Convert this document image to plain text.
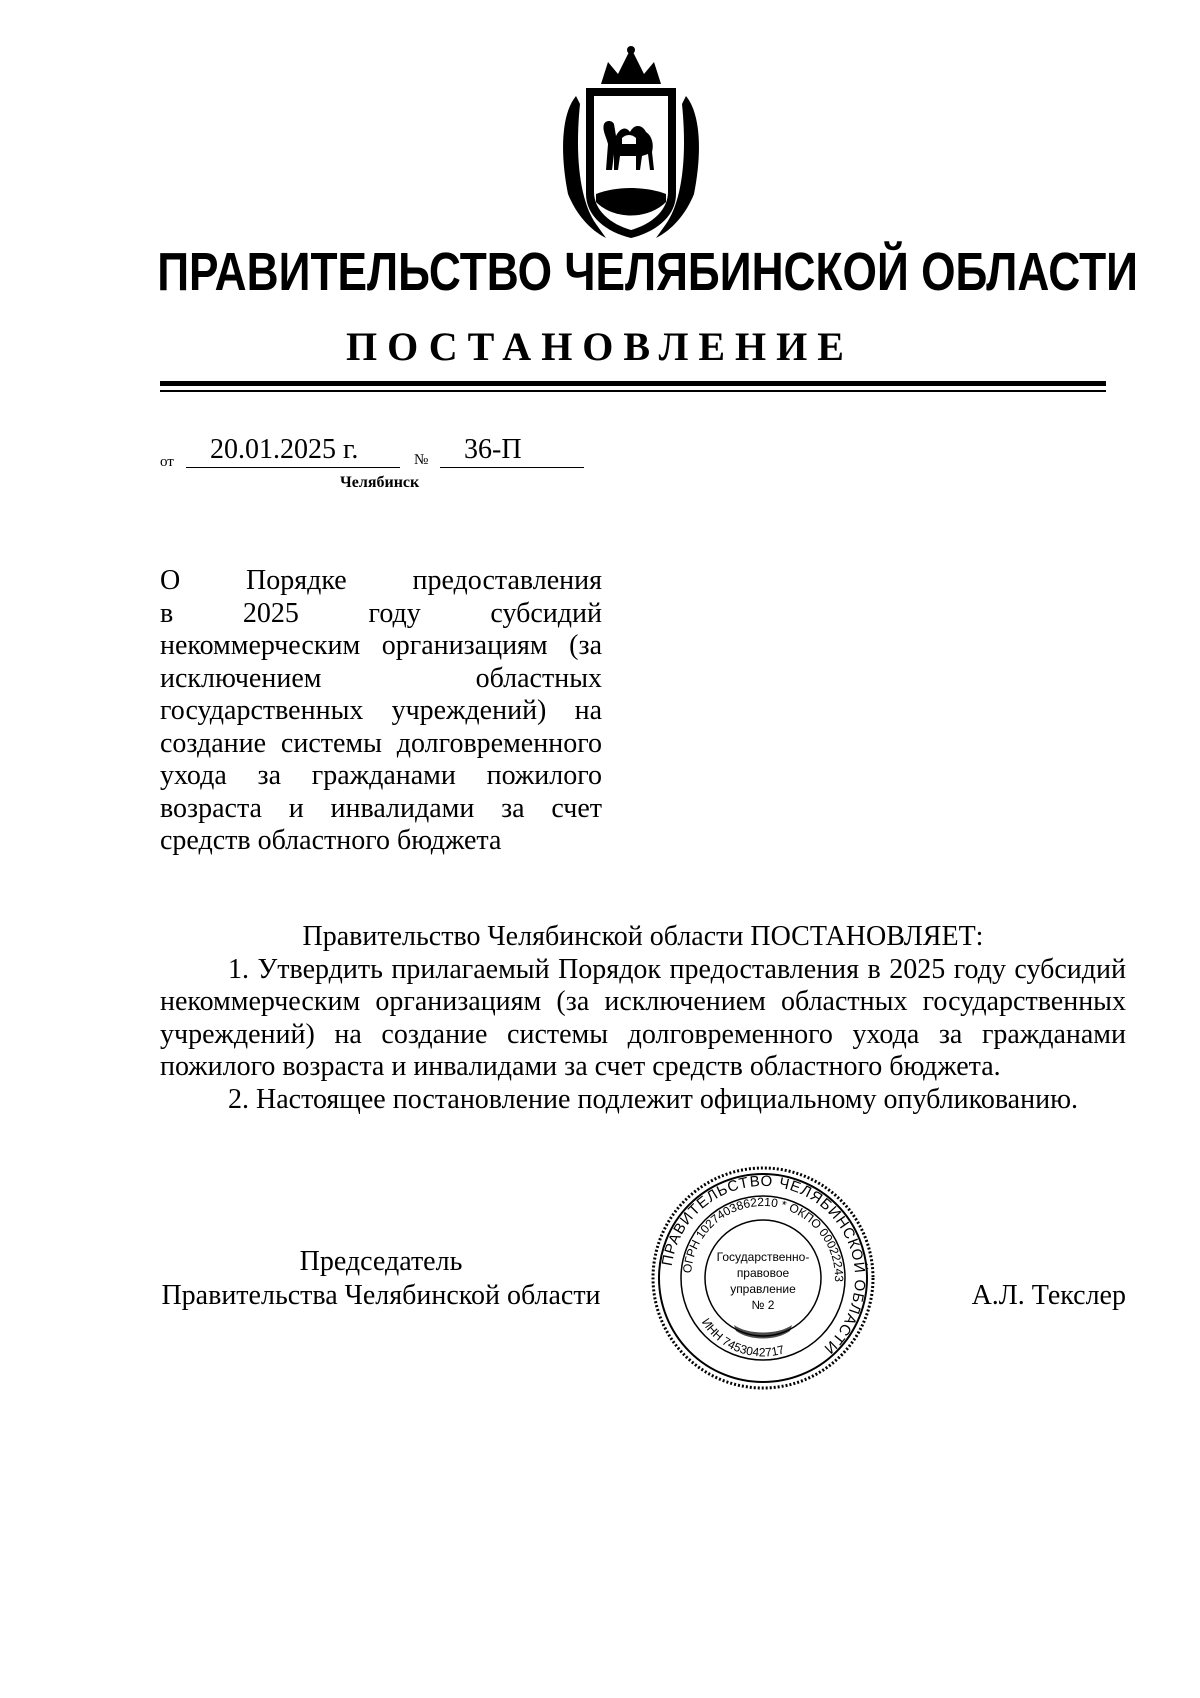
ПРАВИТЕЛЬСТВО ЧЕЛЯБИНСКОЙ ОБЛАСТИ
ПОСТАНОВЛЕНИЕ
от 20.01.2025 г.	№ 36-П
Челябинск
О Порядке предоставления
в 2025 году субсидий
некоммерческим организациям (за
исключением областных
государственных учреждений) на
создание системы долговременного
ухода за гражданами пожилого
возраста и инвалидами за счет
средств областного бюджета
Правительство Челябинской области ПОСТАНОВЛЯЕТ:
1. Утвердить прилагаемый Порядок предоставления в 2025 году субсидий некоммерческим организациям (за исключением областных государственных учреждений) на создание системы долговременного ухода за гражданами пожилого возраста и инвалидами за счет средств областного бюджета.
2. Настоящее постановление подлежит официальному опубликованию.
Председатель
Правительства Челябинской области	А.Л. Текслер
ПРАВИТЕЛЬСТВО ЧЕЛЯБИНСКОЙ ОБЛАСТИ
ОГРН 1027403862210 * ОКПО 00022243
ИНН 7453042717
Государственно-
правовое
управление
№ 2
